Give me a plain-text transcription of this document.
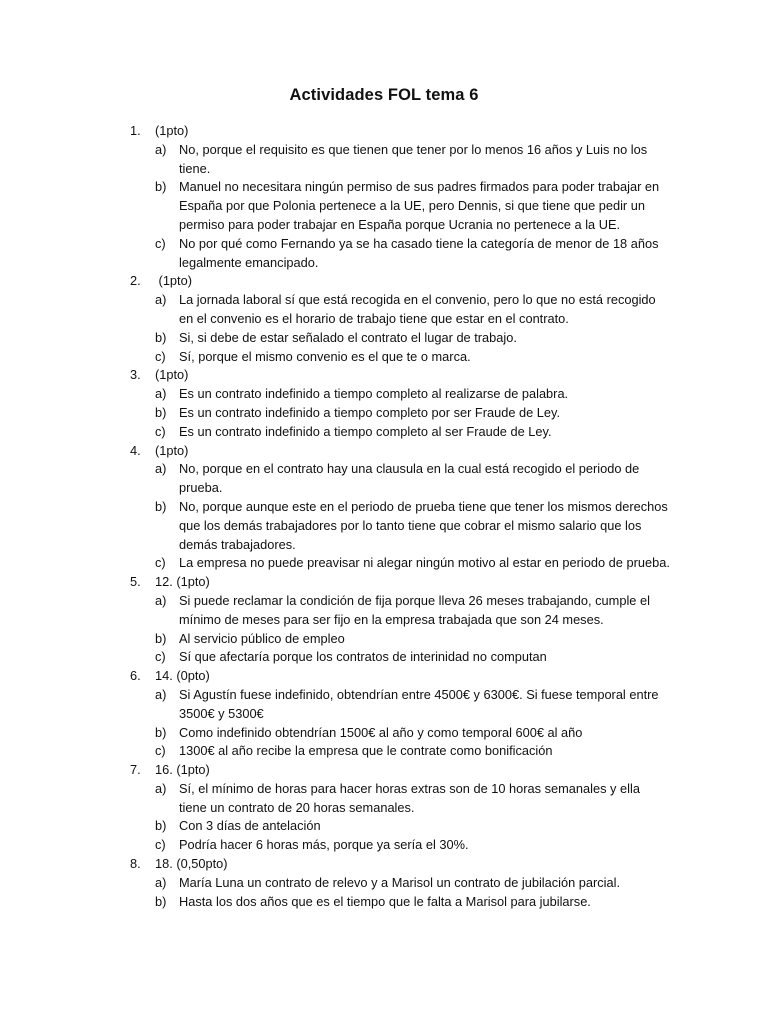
Actividades FOL tema 6
1.	(1pto)
a) No, porque el requisito es que tienen que tener por lo menos 16 años y Luis no los tiene.
b) Manuel no necesitara ningún permiso de sus padres firmados para poder trabajar en España por que Polonia pertenece a la UE, pero Dennis, si que tiene que pedir un permiso para poder trabajar en España porque Ucrania no pertenece a la UE.
c)	No por qué como Fernando ya se ha casado tiene la categoría de menor de 18 años legalmente emancipado.
2.	(1pto)
a) La jornada laboral sí que está recogida en el convenio, pero lo que no está recogido en el convenio es el horario de trabajo tiene que estar en el contrato.
b) Si, si debe de estar señalado el contrato el lugar de trabajo.
c)	Sí, porque el mismo convenio es el que te o marca.
3.	(1pto)
a) Es un contrato indefinido a tiempo completo al realizarse de palabra.
b) Es un contrato indefinido a tiempo completo por ser Fraude de Ley.
c)	Es un contrato indefinido a tiempo completo al ser Fraude de Ley.
4.	(1pto)
a) No, porque en el contrato hay una clausula en la cual está recogido el periodo de prueba.
b) No, porque aunque este en el periodo de prueba tiene que tener los mismos derechos que los demás trabajadores por lo tanto tiene que cobrar el mismo salario que los demás trabajadores.
c)	La empresa no puede preavisar ni alegar ningún motivo al estar en periodo de prueba.
5.	12. (1pto)
a) Si puede reclamar la condición de fija porque lleva 26 meses trabajando, cumple el mínimo de meses para ser fijo en la empresa trabajada que son 24 meses.
b) Al servicio público de empleo
c)	Sí que afectaría porque los contratos de interinidad no computan
6.	14. (0pto)
a) Si Agustín fuese indefinido, obtendrían entre 4500€ y 6300€. Si fuese temporal entre 3500€ y 5300€
b) Como indefinido obtendrían 1500€ al año y como temporal 600€ al año
c)	1300€ al año recibe la empresa que le contrate como bonificación
7.	16. (1pto)
a) Sí, el mínimo de horas para hacer horas extras son de 10 horas semanales y ella tiene un contrato de 20 horas semanales.
b) Con 3 días de antelación
c)	Podría hacer 6 horas más, porque ya sería el 30%.
8.	18. (0,50pto)
a) María Luna un contrato de relevo y a Marisol un contrato de jubilación parcial.
b) Hasta los dos años que es el tiempo que le falta a Marisol para jubilarse.
